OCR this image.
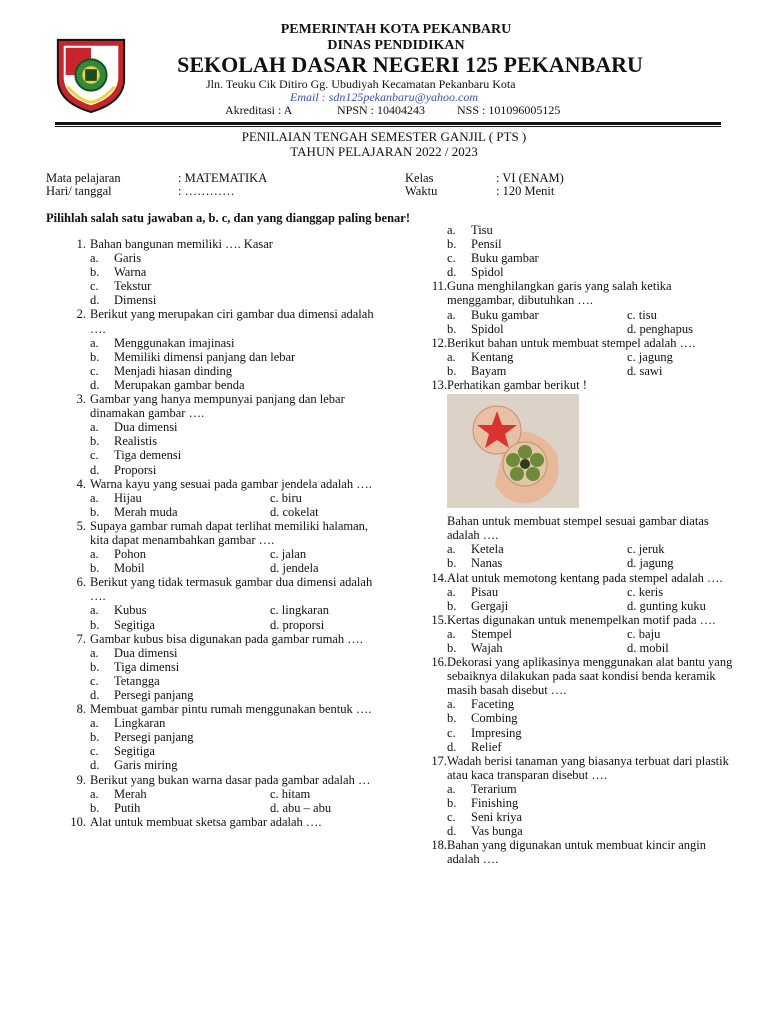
PEMERINTAH KOTA PEKANBARU
DINAS PENDIDIKAN
SEKOLAH DASAR NEGERI 125 PEKANBARU
Jln. Teuku Cik Ditiro Gg. Ubudiyah Kecamatan Pekanbaru Kota
Email : sdn125pekanbaru@yahoo.com
Akreditasi : A	NPSN : 10404243	NSS : 101096005125
PENILAIAN TENGAH SEMESTER GANJIL ( PTS )
TAHUN PELAJARAN 2022 / 2023
Mata pelajaran	: MATEMATIKA
Hari/ tanggal	: …………
Kelas	: VI (ENAM)
Waktu	: 120 Menit
Pilihlah salah satu jawaban a, b. c, dan yang dianggap paling benar!
1. Bahan bangunan memiliki …. Kasar
a. Garis
b. Warna
c. Tekstur
d. Dimensi
2. Berikut yang merupakan ciri gambar dua dimensi adalah ….
a. Menggunakan imajinasi
b. Memiliki dimensi panjang dan lebar
c. Menjadi hiasan dinding
d. Merupakan gambar benda
3. Gambar yang hanya mempunyai panjang dan lebar dinamakan gambar ….
a. Dua dimensi
b. Realistis
c. Tiga demensi
d. Proporsi
4. Warna kayu yang sesuai pada gambar jendela adalah ….
a. Hijau	c. biru
b. Merah muda	d. cokelat
5. Supaya gambar rumah dapat terlihat memiliki halaman, kita dapat menambahkan gambar ….
a. Pohon	c. jalan
b. Mobil	d. jendela
6. Berikut yang tidak termasuk gambar dua dimensi adalah ….
a. Kubus	c. lingkaran
b. Segitiga	d. proporsi
7. Gambar kubus bisa digunakan pada gambar rumah ….
a. Dua dimensi
b. Tiga dimensi
c. Tetangga
d. Persegi panjang
8. Membuat gambar pintu rumah menggunakan bentuk ….
a. Lingkaran
b. Persegi panjang
c. Segitiga
d. Garis miring
9. Berikut yang bukan warna dasar pada gambar adalah …
a. Merah	c. hitam
b. Putih	d. abu – abu
10. Alat untuk membuat sketsa gambar adalah ….
a. Tisu
b. Pensil
c. Buku gambar
d. Spidol
11. Guna menghilangkan garis yang salah ketika menggambar, dibutuhkan ….
a. Buku gambar	c. tisu
b. Spidol	d. penghapus
12. Berikut bahan untuk membuat stempel adalah ….
a. Kentang	c. jagung
b. Bayam	d. sawi
13. Perhatikan gambar berikut !
Bahan untuk membuat stempel sesuai gambar diatas adalah ….
a. Ketela	c. jeruk
b. Nanas	d. jagung
14. Alat untuk memotong kentang pada stempel adalah ….
a. Pisau	c. keris
b. Gergaji	d. gunting kuku
15. Kertas digunakan untuk menempelkan motif pada ….
a. Stempel	c. baju
b. Wajah	d. mobil
16. Dekorasi yang aplikasinya menggunakan alat bantu yang sebaiknya dilakukan pada saat kondisi benda keramik masih basah disebut ….
a. Faceting
b. Combing
c. Impresing
d. Relief
17. Wadah berisi tanaman yang biasanya terbuat dari plastik atau kaca transparan disebut ….
a. Terarium
b. Finishing
c. Seni kriya
d. Vas bunga
18. Bahan yang digunakan untuk membuat kincir angin adalah ….
